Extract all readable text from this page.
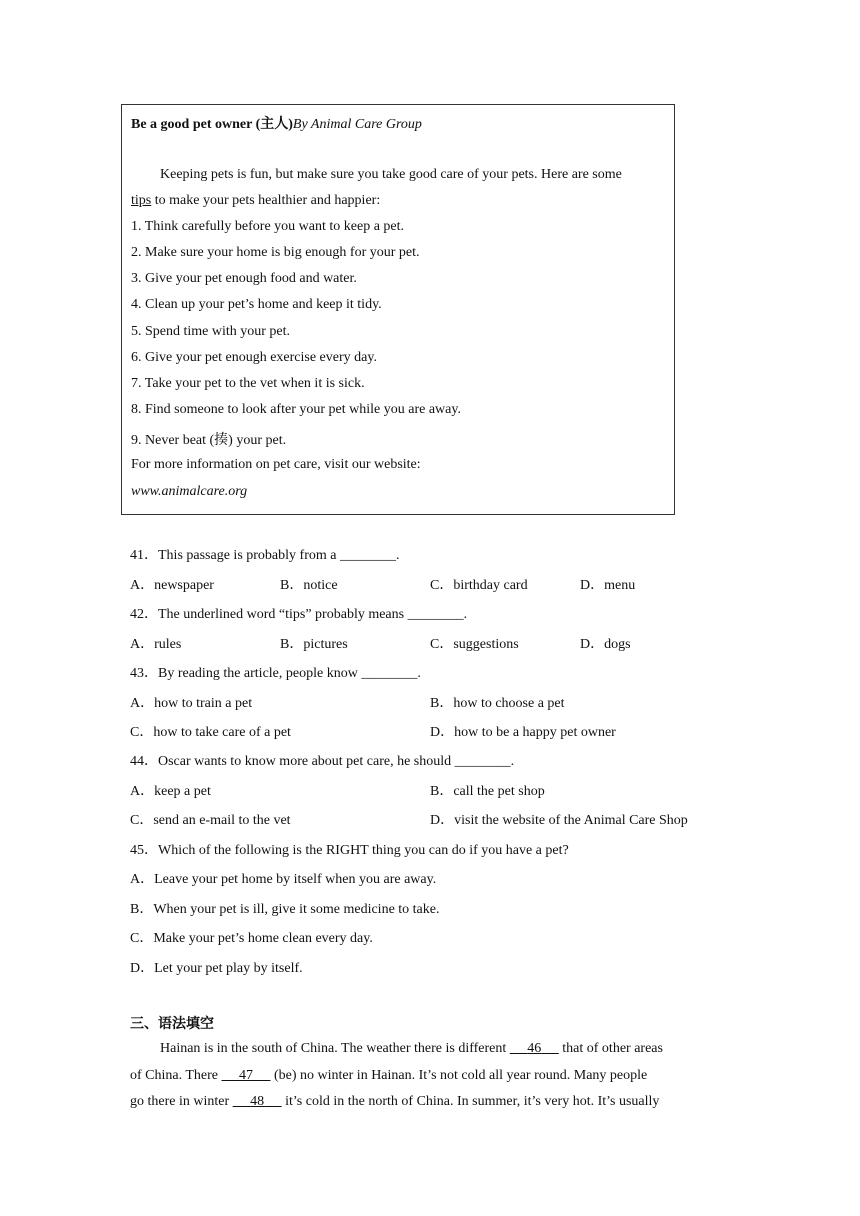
Be a good pet owner (主人)By Animal Care Group
Keeping pets is fun, but make sure you take good care of your pets. Here are some
tips to make your pets healthier and happier:
1. Think carefully before you want to keep a pet.
2. Make sure your home is big enough for your pet.
3. Give your pet enough food and water.
4. Clean up your pet’s home and keep it tidy.
5. Spend time with your pet.
6. Give your pet enough exercise every day.
7. Take your pet to the vet when it is sick.
8. Find someone to look after your pet while you are away.
9. Never beat (揍) your pet.
For more information on pet care, visit our website:
www.animalcare.org
41．This passage is probably from a ________.
A．newspaper	B．notice	C．birthday card	D．menu
42．The underlined word “tips” probably means ________.
A．rules	B．pictures	C．suggestions	D．dogs
43．By reading the article, people know ________.
A．how to train a pet	B．how to choose a pet
C．how to take care of a pet	D．how to be a happy pet owner
44．Oscar wants to know more about pet care, he should ________.
A．keep a pet	B．call the pet shop
C．send an e-mail to the vet	D．visit the website of the Animal Care Shop
45．Which of the following is the RIGHT thing you can do if you have a pet?
A．Leave your pet home by itself when you are away.
B．When your pet is ill, give it some medicine to take.
C．Make your pet’s home clean every day.
D．Let your pet play by itself.
三、语法填空
Hainan is in the south of China. The weather there is different      46      that of other areas
of China. There      47      (be) no winter in Hainan. It’s not cold all year round. Many people
go there in winter      48      it’s cold in the north of China. In summer, it’s very hot. It’s usually
